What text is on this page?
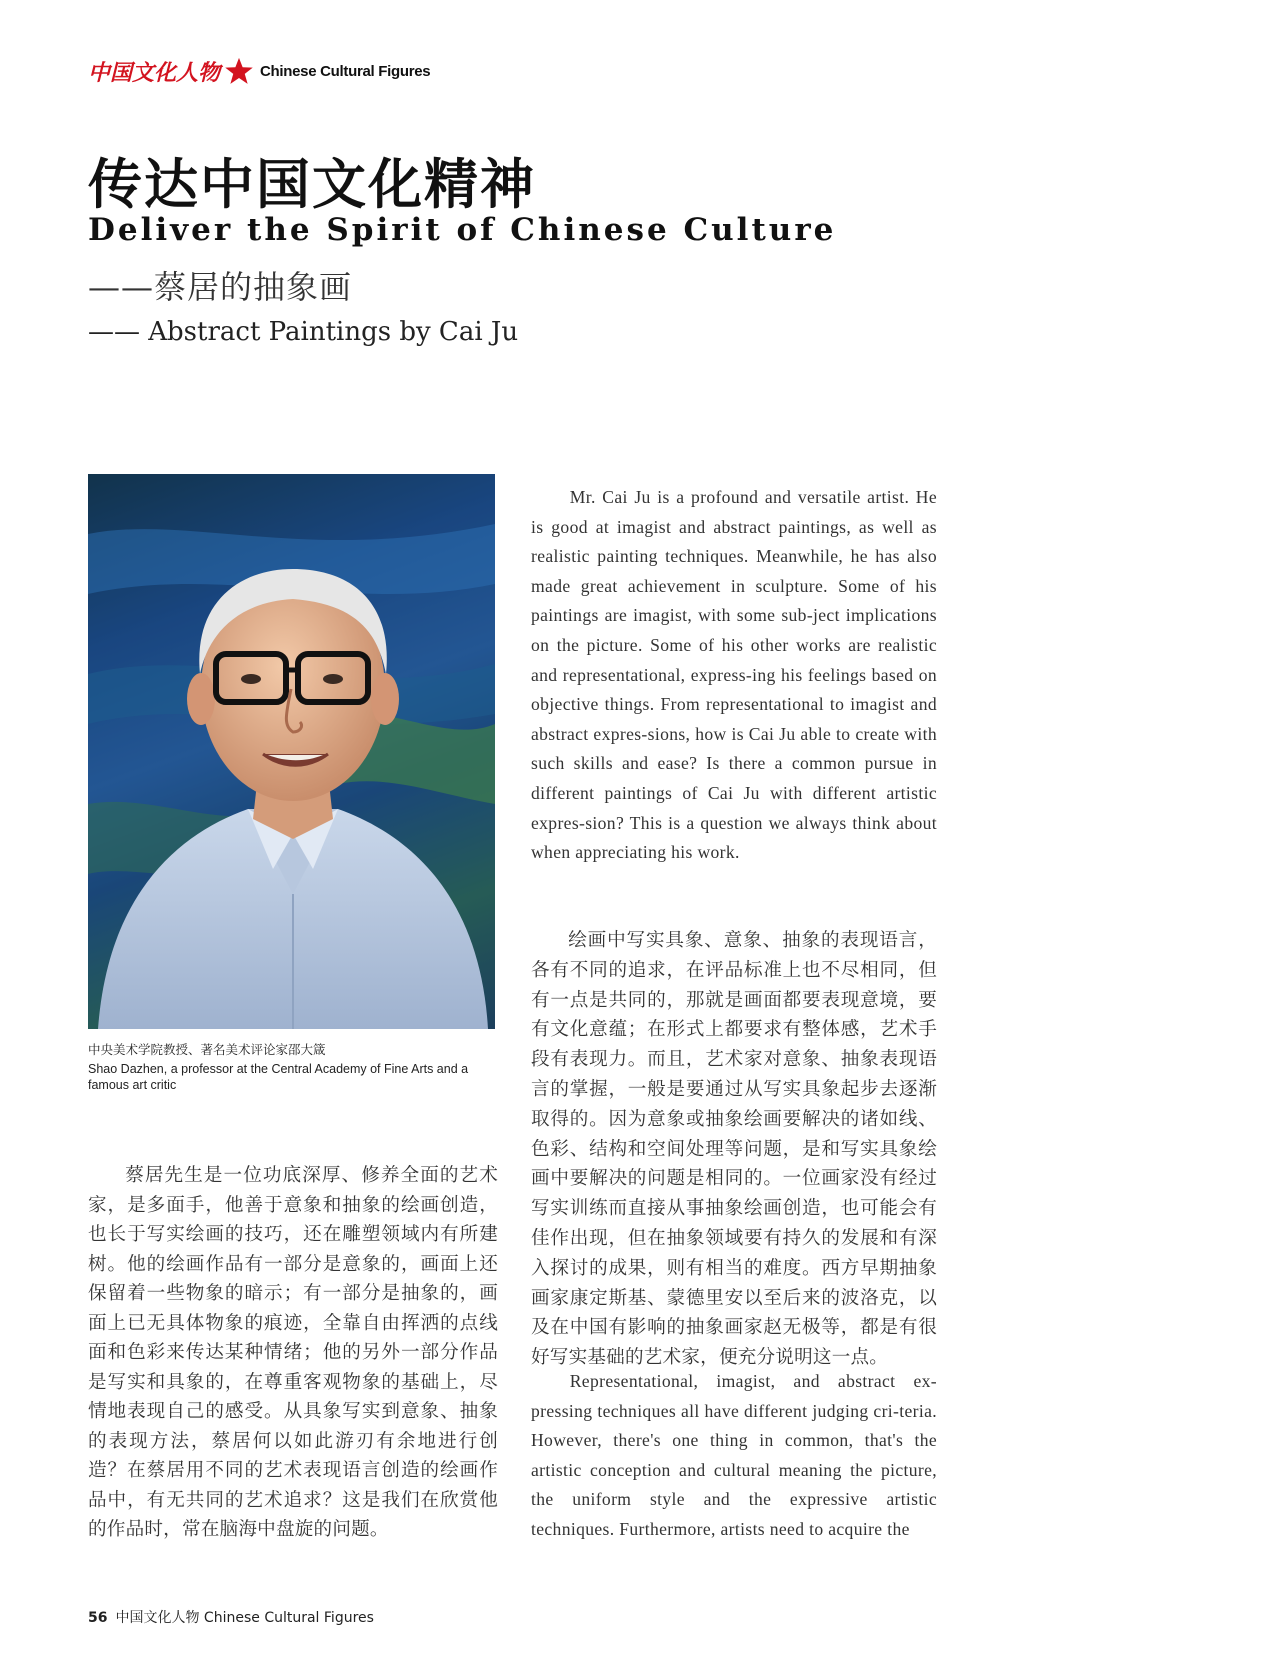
中国文化人物	Chinese Cultural Figures
传达中国文化精神
Deliver the Spirit of Chinese Culture
——蔡居的抽象画
—— Abstract Paintings by Cai Ju

中央美术学院教授、著名美术评论家邵大箴

Shao Dazhen, a professor at the Central Academy of Fine Arts and a famous art critic

蔡居先生是一位功底深厚、修养全面的艺术家，是多面手，他善于意象和抽象的绘画创造，也长于写实绘画的技巧，还在雕塑领域内有所建树。他的绘画作品有一部分是意象的，画面上还保留着一些物象的暗示；有一部分是抽象的，画面上已无具体物象的痕迹，全靠自由挥洒的点线面和色彩来传达某种情绪；他的另外一部分作品是写实和具象的，在尊重客观物象的基础上，尽情地表现自己的感受。从具象写实到意象、抽象的表现方法，蔡居何以如此游刃有余地进行创造？在蔡居用不同的艺术表现语言创造的绘画作品中，有无共同的艺术追求？这是我们在欣赏他的作品时，常在脑海中盘旋的问题。

Mr. Cai Ju is a profound and versatile artist. He is good at imagist and abstract paintings, as well as realistic painting techniques. Meanwhile, he has also made great achievement in sculpture. Some of his paintings are imagist, with some sub-ject implications on the picture. Some of his other works are realistic and representational, express-ing his feelings based on objective things. From representational to imagist and abstract expres-sions, how is Cai Ju able to create with such skills and ease? Is there a common pursue in different paintings of Cai Ju with different artistic expres-sion? This is a question we always think about when appreciating his work.

绘画中写实具象、意象、抽象的表现语言，各有不同的追求，在评品标准上也不尽相同，但有一点是共同的，那就是画面都要表现意境，要有文化意蕴；在形式上都要求有整体感，艺术手段有表现力。而且，艺术家对意象、抽象表现语言的掌握，一般是要通过从写实具象起步去逐渐取得的。因为意象或抽象绘画要解决的诸如线、色彩、结构和空间处理等问题，是和写实具象绘画中要解决的问题是相同的。一位画家没有经过写实训练而直接从事抽象绘画创造，也可能会有佳作出现，但在抽象领域要有持久的发展和有深入探讨的成果，则有相当的难度。西方早期抽象画家康定斯基、蒙德里安以至后来的波洛克，以及在中国有影响的抽象画家赵无极等，都是有很好写实基础的艺术家，便充分说明这一点。

Representational, imagist, and abstract ex-pressing techniques all have different judging cri-teria. However, there's one thing in common, that's the artistic conception and cultural meaning the picture, the uniform style and the expressive artistic techniques. Furthermore, artists need to acquire the

56 中国文化人物 Chinese Cultural Figures
